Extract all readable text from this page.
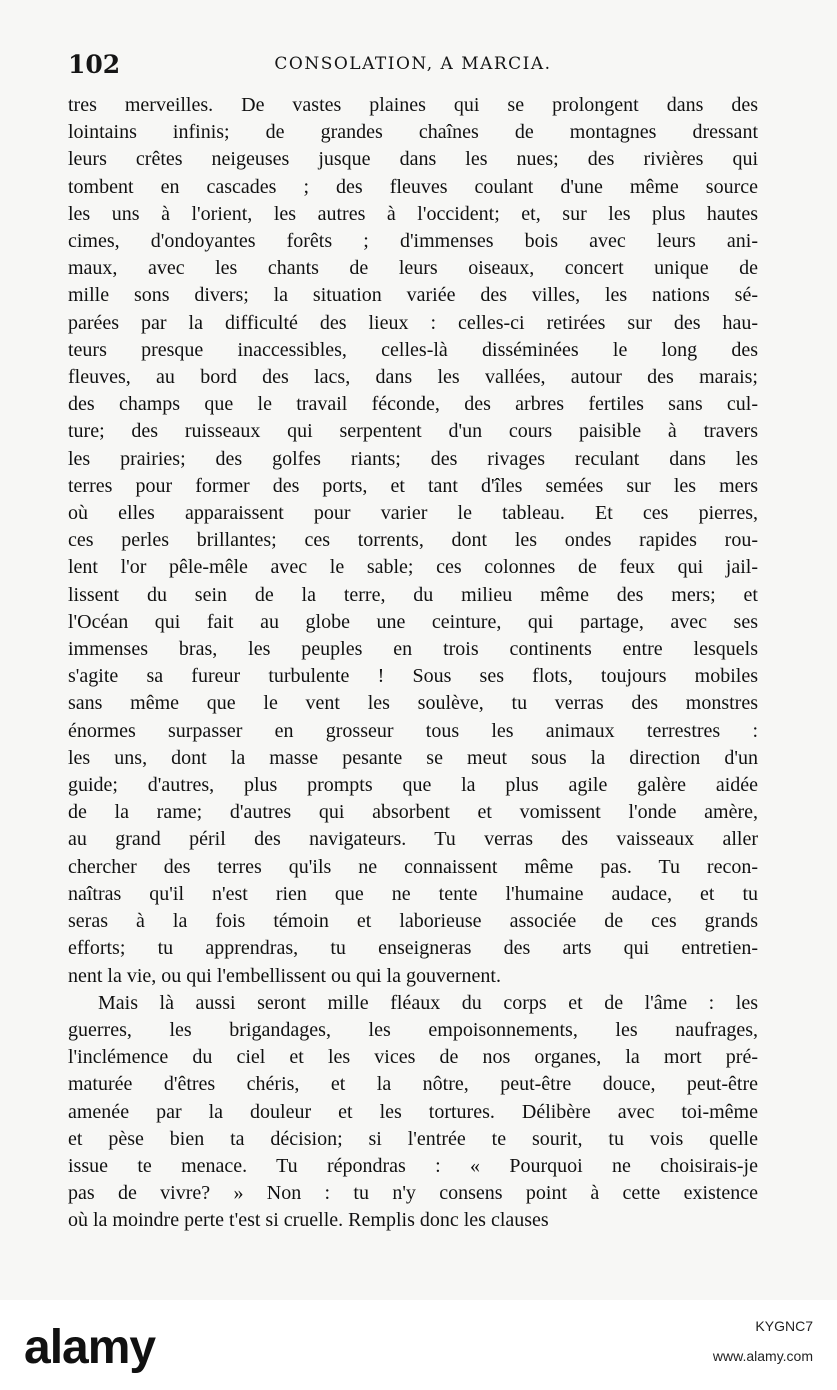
102	CONSOLATION, A MARCIA.
tres merveilles. De vastes plaines qui se prolongent dans des
lointains infinis; de grandes chaînes de montagnes dressant
leurs crêtes neigeuses jusque dans les nues; des rivières qui
tombent en cascades ; des fleuves coulant d'une même source
les uns à l'orient, les autres à l'occident; et, sur les plus hautes
cimes, d'ondoyantes forêts ; d'immenses bois avec leurs ani-
maux, avec les chants de leurs oiseaux, concert unique de
mille sons divers; la situation variée des villes, les nations sé-
parées par la difficulté des lieux : celles-ci retirées sur des hau-
teurs presque inaccessibles, celles-là disséminées le long des
fleuves, au bord des lacs, dans les vallées, autour des marais;
des champs que le travail féconde, des arbres fertiles sans cul-
ture; des ruisseaux qui serpentent d'un cours paisible à travers
les prairies; des golfes riants; des rivages reculant dans les
terres pour former des ports, et tant d'îles semées sur les mers
où elles apparaissent pour varier le tableau. Et ces pierres,
ces perles brillantes; ces torrents, dont les ondes rapides rou-
lent l'or pêle-mêle avec le sable; ces colonnes de feux qui jail-
lissent du sein de la terre, du milieu même des mers; et
l'Océan qui fait au globe une ceinture, qui partage, avec ses
immenses bras, les peuples en trois continents entre lesquels
s'agite sa fureur turbulente ! Sous ses flots, toujours mobiles
sans même que le vent les soulève, tu verras des monstres
énormes surpasser en grosseur tous les animaux terrestres :
les uns, dont la masse pesante se meut sous la direction d'un
guide; d'autres, plus prompts que la plus agile galère aidée
de la rame; d'autres qui absorbent et vomissent l'onde amère,
au grand péril des navigateurs. Tu verras des vaisseaux aller
chercher des terres qu'ils ne connaissent même pas. Tu recon-
naîtras qu'il n'est rien que ne tente l'humaine audace, et tu
seras à la fois témoin et laborieuse associée de ces grands
efforts; tu apprendras, tu enseigneras des arts qui entretien-
nent la vie, ou qui l'embellissent ou qui la gouvernent.
Mais là aussi seront mille fléaux du corps et de l'âme : les
guerres, les brigandages, les empoisonnements, les naufrages,
l'inclémence du ciel et les vices de nos organes, la mort pré-
maturée d'êtres chéris, et la nôtre, peut-être douce, peut-être
amenée par la douleur et les tortures. Délibère avec toi-même
et pèse bien ta décision; si l'entrée te sourit, tu vois quelle
issue te menace. Tu répondras : « Pourquoi ne choisirais-je
pas de vivre? » Non : tu n'y consens point à cette existence
où la moindre perte t'est si cruelle. Remplis donc les clauses
alamy	KYGNC7
www.alamy.com
